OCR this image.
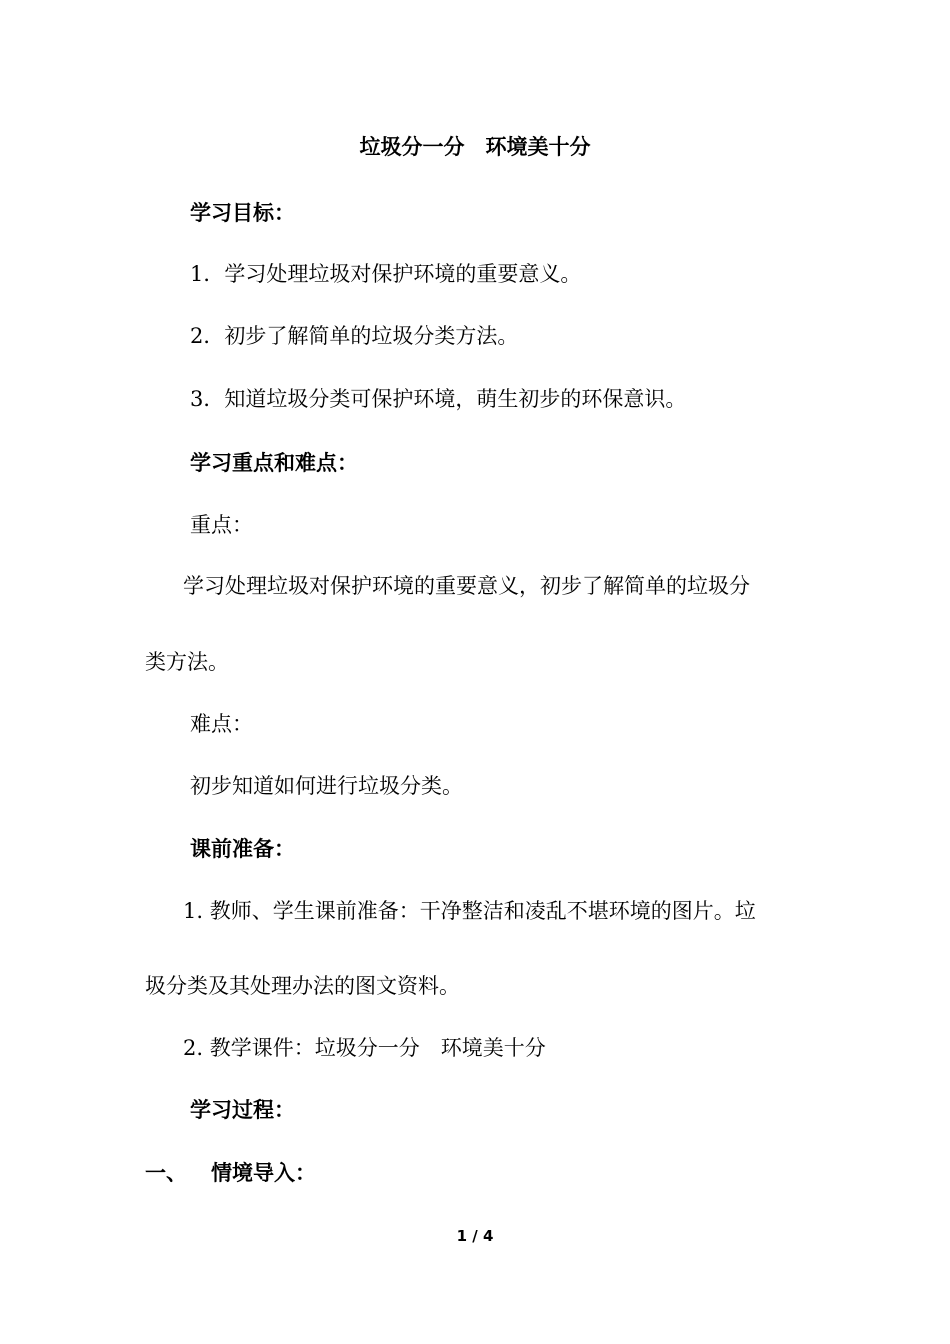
垃圾分一分　环境美十分
学习目标：
1．学习处理垃圾对保护环境的重要意义。
2．初步了解简单的垃圾分类方法。
3．知道垃圾分类可保护环境，萌生初步的环保意识。
学习重点和难点：
重点：
学习处理垃圾对保护环境的重要意义，初步了解简单的垃圾分
类方法。
难点：
初步知道如何进行垃圾分类。
课前准备：
1. 教师、学生课前准备：干净整洁和凌乱不堪环境的图片。垃
圾分类及其处理办法的图文资料。
2. 教学课件：垃圾分一分　环境美十分
学习过程：
一、 情境导入：
1 / 4
